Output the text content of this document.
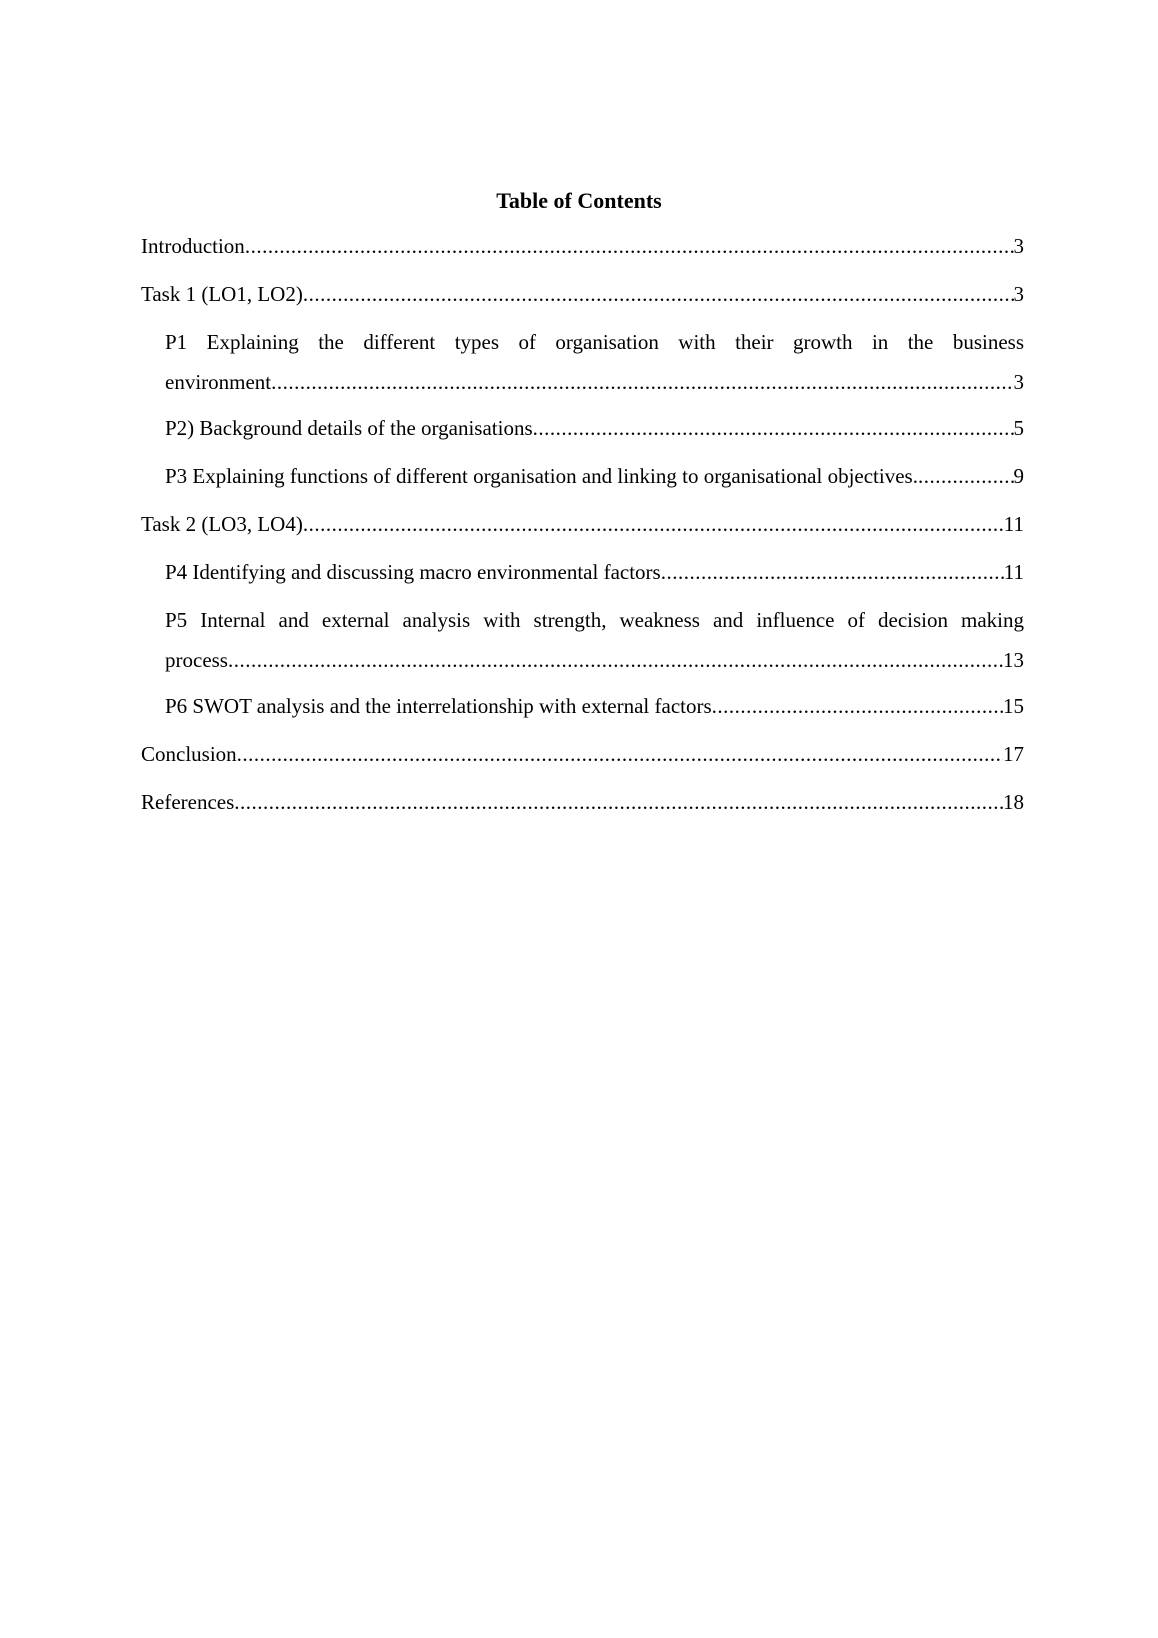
Table of Contents
Introduction .....	3
Task 1 (LO1, LO2) .....	3
P1 Explaining the different types of organisation with their growth in the business
environment .....	3
P2) Background details of the organisations .....	5
P3 Explaining functions of different organisation and linking to organisational objectives. .....	9
Task 2 (LO3, LO4) .....	11
P4 Identifying and discussing macro environmental factors .....	11
P5 Internal and external analysis with strength, weakness and influence of decision making
process .....	13
P6 SWOT analysis and the interrelationship with external factors .....	15
Conclusion .....	17
References .....	18
